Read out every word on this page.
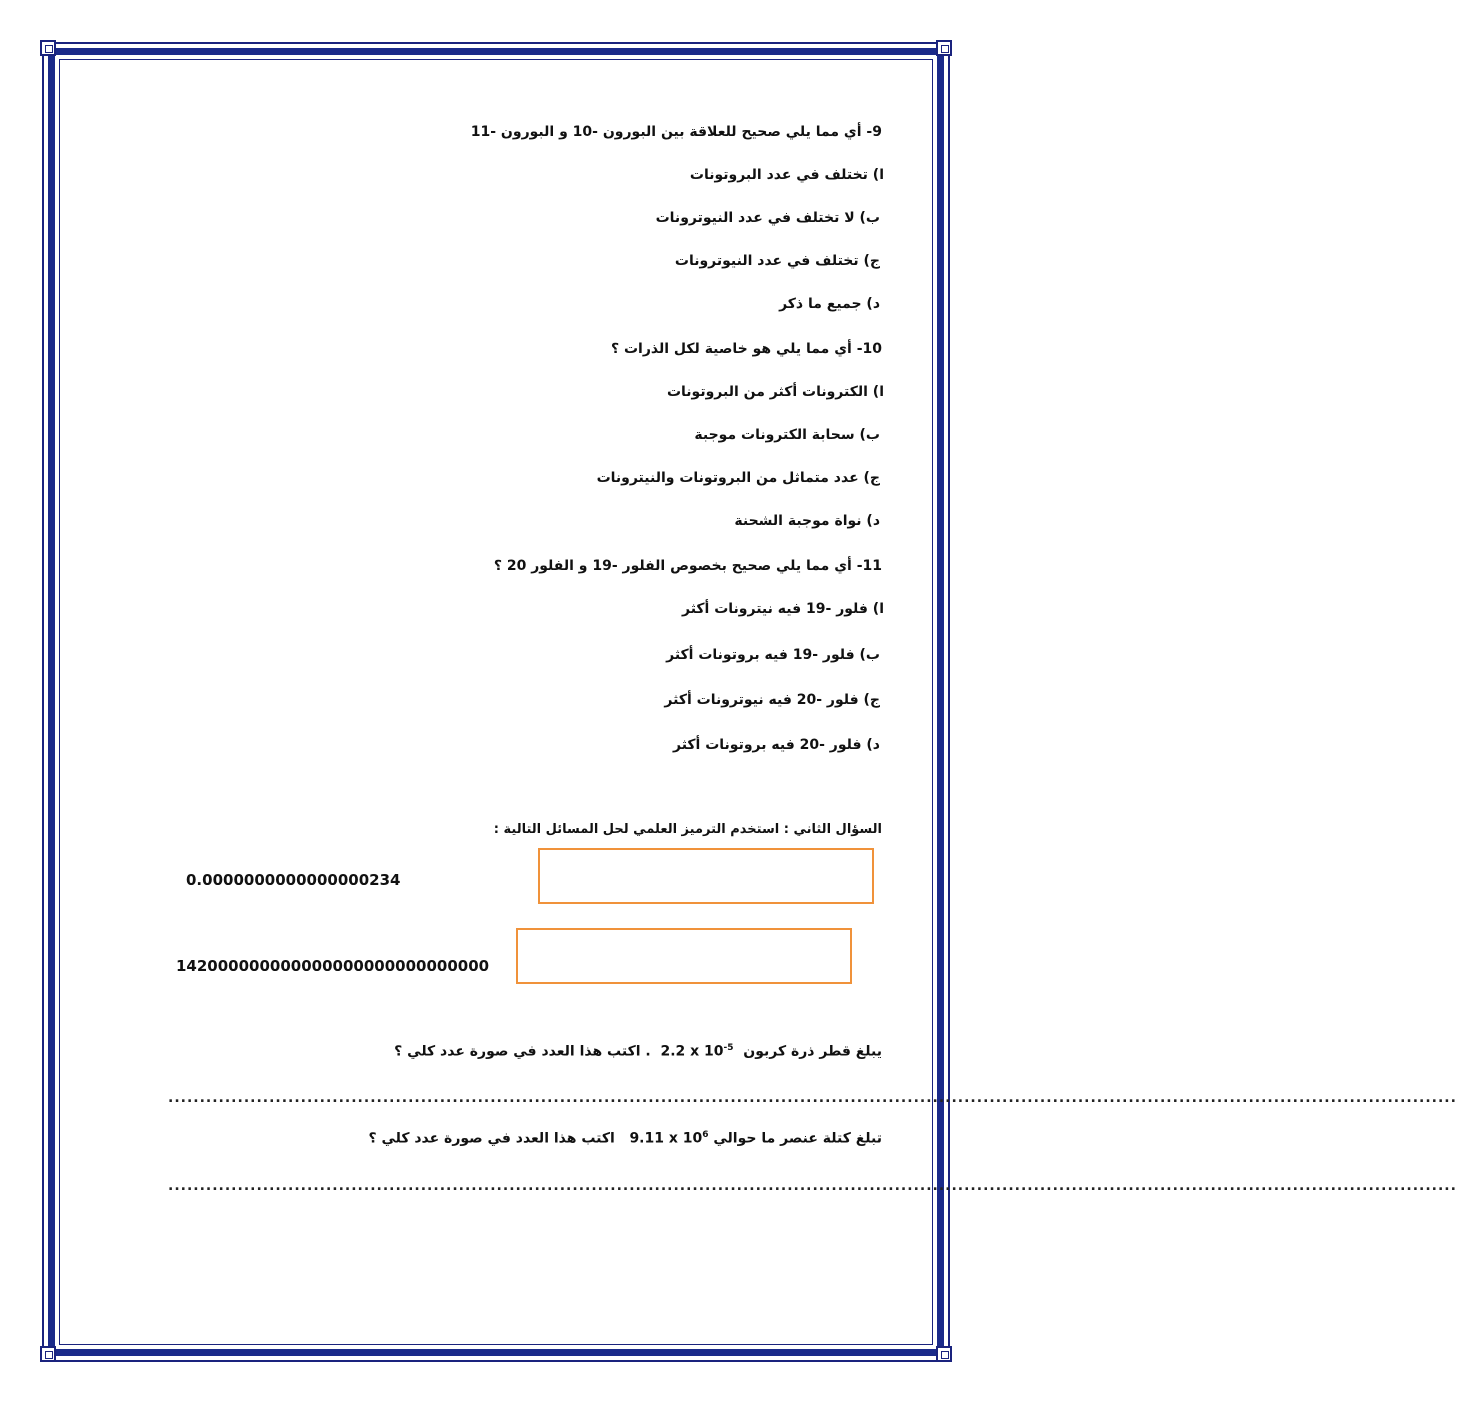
9- أي مما يلي صحيح للعلاقة بين البورون -10 و البورون -11
ا) تختلف في عدد البروتونات
ب) لا تختلف في عدد النيوترونات
ج) تختلف في عدد النيوترونات
د) جميع ما ذكر
10- أي مما يلي هو خاصية لكل الذرات ؟
ا) الكترونات أكثر من البروتونات
ب) سحابة الكترونات موجبة
ج) عدد متماثل من البروتونات والنيترونات
د) نواة موجبة الشحنة
11- أي مما يلي صحيح بخصوص الفلور -19 و الفلور 20 ؟
ا) فلور -19 فيه نيترونات أكثر
ب) فلور -19 فيه بروتونات أكثر
ج) فلور -20 فيه نيوترونات أكثر
د) فلور -20 فيه بروتونات أكثر
السؤال الثاني : استخدم الترميز العلمي لحل المسائل التالية :
0.0000000000000000234
142000000000000000000000000000
يبلغ قطر ذرة كربون  2.2 x $10^{-5}$  . اكتب هذا العدد في صورة عدد كلي ؟
............................................................................................................................................................................................................
تبلغ كتلة عنصر ما حوالي 9.11 x $10^6$   اكتب هذا العدد في صورة عدد كلي ؟
............................................................................................................................................................................................................
